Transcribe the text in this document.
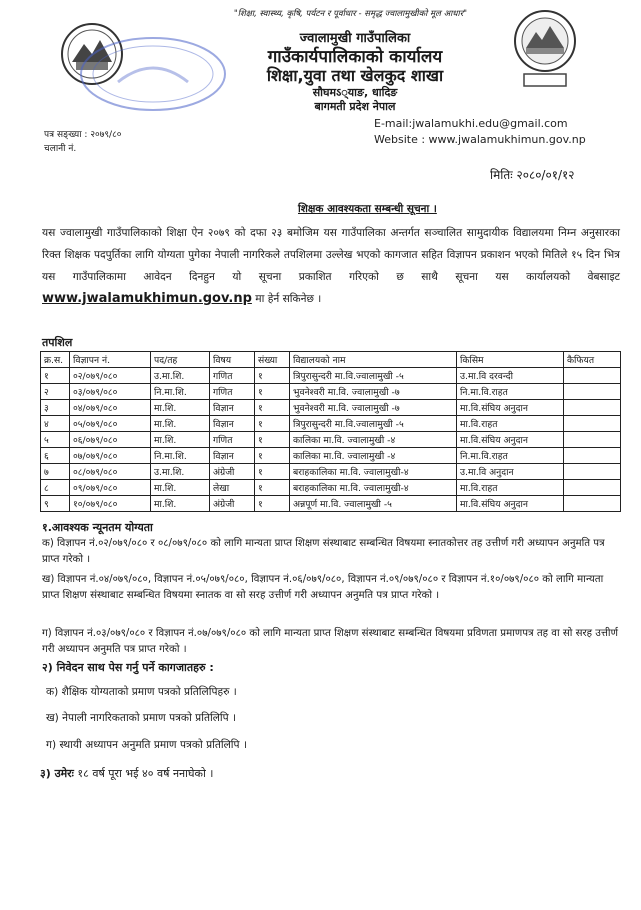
"शिक्षा, स्वास्थ्य, कृषि, पर्यटन र पूर्वाधार - समृद्ध ज्वालामुखीको मूल आधार"
ज्वालामुखी गाउँपालिका
गाउँकार्यपालिकाको कार्यालय
शिक्षा,युवा तथा खेलकुद शाखा
सौघमऽ्याङ, धादिङ
बागमती प्रदेश नेपाल
E-mail:jwalamukhi.edu@gmail.com
Website : www.jwalamukhimun.gov.np
पत्र सङ्ख्या : २०७९/८०
चलानी नं.
मितिः २०८०/०१/१२
शिक्षक आवश्यकता सम्बन्धी सूचना ।
यस ज्वालामुखी गाउँपालिकाको शिक्षा ऐन २०७९ को दफा २३ बमोजिम यस गाउँपालिका अन्तर्गत सञ्चालित सामुदायीक विद्यालयमा निम्न अनुसारका रिक्त शिक्षक पदपुर्तिका लागि योग्यता पुगेका नेपाली नागरिकले तपशिलमा उल्लेख भएको कागजात सहित विज्ञापन प्रकाशन भएको मितिले १५ दिन भित्र यस गाउँपालिकामा आवेदन दिनहुन यो सूचना प्रकाशित गरिएको छ साथै सूचना यस कार्यालयको वेबसाइट www.jwalamukhimun.gov.np मा हेर्न सकिनेछ ।
तपशिल
क्र.स.	विज्ञापन नं.	पद/तह	विषय	संख्या	विद्यालयको नाम	किसिम	कैफियत
१	०२/०७९/०८०	उ.मा.शि.	गणित	१	त्रिपुरासुन्दरी मा.वि.ज्वालामुखी -५	उ.मा.वि दरवन्दी	
२	०३/०७९/०८०	नि.मा.शि.	गणित	१	भुवनेश्वरी मा.वि. ज्वालामुखी -७	नि.मा.वि.राहत	
३	०४/०७९/०८०	मा.शि.	विज्ञान	१	भुवनेश्वरी मा.वि. ज्वालामुखी -७	मा.वि.संघिय अनुदान	
४	०५/०७९/०८०	मा.शि.	विज्ञान	१	त्रिपुरासुन्दरी मा.वि.ज्वालामुखी -५	मा.वि.राहत	
५	०६/०७९/०८०	मा.शि.	गणित	१	कालिका मा.वि. ज्वालामुखी -४	मा.वि.संघिय अनुदान	
६	०७/०७९/०८०	नि.मा.शि.	विज्ञान	१	कालिका मा.वि. ज्वालामुखी -४	नि.मा.वि.राहत	
७	०८/०७९/०८०	उ.मा.शि.	अंग्रेजी	१	बराहकालिका मा.वि. ज्वालामुखी-४	उ.मा.वि अनुदान	
८	०९/०७९/०८०	मा.शि.	लेखा	१	बराहकालिका मा.वि. ज्वालामुखी-४	मा.वि.राहत	
९	१०/०७९/०८०	मा.शि.	अंग्रेजी	१	अन्नपूर्ण मा.वि. ज्वालामुखी -५	मा.वि.संघिय अनुदान	
१.आवश्यक न्यूनतम योग्यता
क) विज्ञापन नं.०२/०७९/०८० र ०८/०७९/०८० को लागि मान्यता प्राप्त शिक्षण संस्थाबाट सम्बन्धित विषयमा स्नातकोत्तर तह उत्तीर्ण गरी अध्यापन अनुमति पत्र प्राप्त गरेको ।
ख) विज्ञापन नं.०४/०७९/०८०, विज्ञापन नं.०५/०७९/०८०, विज्ञापन नं.०६/०७९/०८०, विज्ञापन नं.०९/०७९/०८० र विज्ञापन नं.१०/०७९/०८० को लागि मान्यता प्राप्त शिक्षण संस्थाबाट सम्बन्धित विषयमा स्नातक वा सो सरह उत्तीर्ण गरी अध्यापन अनुमति पत्र प्राप्त गरेको ।
ग) विज्ञापन नं.०३/०७९/०८० र विज्ञापन नं.०७/०७९/०८० को लागि मान्यता प्राप्त शिक्षण संस्थाबाट सम्बन्धित विषयमा प्रविणता प्रमाणपत्र तह वा सो सरह उत्तीर्ण गरी अध्यापन अनुमति पत्र प्राप्त गरेको ।
२) निवेदन साथ पेस गर्नु पर्ने कागजातहरु :
क) शैक्षिक योग्यताको प्रमाण पत्रको प्रतिलिपिहरु ।
ख) नेपाली नागरिकताको प्रमाण पत्रको प्रतिलिपि ।
ग) स्थायी अध्यापन अनुमति प्रमाण पत्रको प्रतिलिपि ।
३) उमेरः १८ वर्ष पूरा भई ४० वर्ष ननाघेको ।
